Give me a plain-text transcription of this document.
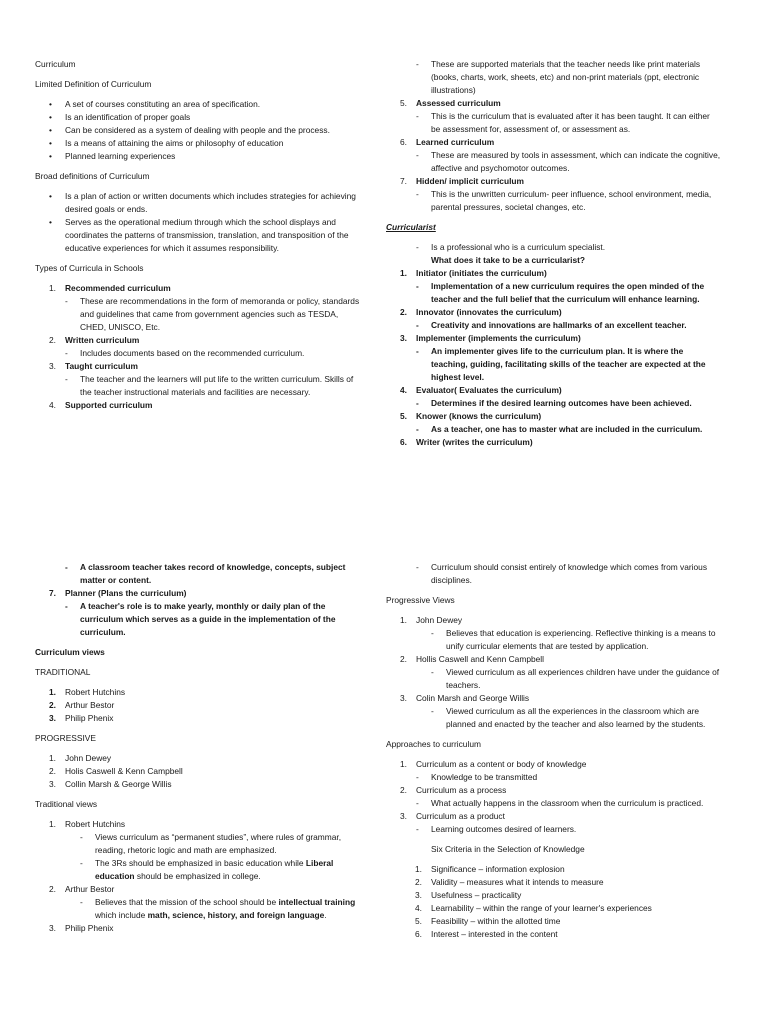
Curriculum

Limited Definition of Curriculum

• A set of courses constituting an area of specification.
• Is an identification of proper goals
• Can be considered as a system of dealing with people and the process.
• Is a means of attaining the aims or philosophy of education
• Planned learning experiences

Broad definitions of Curriculum

• Is a plan of action or written documents which includes strategies for achieving desired goals or ends.
• Serves as the operational medium through which the school displays and coordinates the patterns of transmission, translation, and transposition of the educative experiences for which it assumes responsibility.

Types of Curricula in Schools

1. Recommended curriculum
- These are recommendations in the form of memoranda or policy, standards and guidelines that came from government agencies such as TESDA, CHED, UNISCO, Etc.
2. Written curriculum
- Includes documents based on the recommended curriculum.
3. Taught curriculum
- The teacher and the learners will put life to the written curriculum. Skills of the teacher instructional materials and facilities are necessary.
4. Supported curriculum
- These are supported materials that the teacher needs like print materials (books, charts, work, sheets, etc) and non-print materials (ppt, electronic illustrations)
5. Assessed curriculum
- This is the curriculum that is evaluated after it has been taught. It can either be assessment for, assessment of, or assessment as.
6. Learned curriculum
- These are measured by tools in assessment, which can indicate the cognitive, affective and psychomotor outcomes.
7. Hidden/ implicit curriculum
- This is the unwritten curriculum- peer influence, school environment, media, parental pressures, societal changes, etc.

Curricularist

- Is a professional who is a curriculum specialist.
What does it take to be a curricularist?
1. Initiator (initiates the curriculum)
- Implementation of a new curriculum requires the open minded of the teacher and the full belief that the curriculum will enhance learning.
2. Innovator (innovates the curriculum)
- Creativity and innovations are hallmarks of an excellent teacher.
3. Implementer (implements the curriculum)
- An implementer gives life to the curriculum plan. It is where the teaching, guiding, facilitating skills of the teacher are expected at the highest level.
4. Evaluator( Evaluates the curriculum)
- Determines if the desired learning outcomes have been achieved.
5. Knower (knows the curriculum)
- As a teacher, one has to master what are included in the curriculum.
6. Writer (writes the curriculum)
- A classroom teacher takes record of knowledge, concepts, subject matter or content.
7. Planner (Plans the curriculum)
- A teacher's role is to make yearly, monthly or daily plan of the curriculum which serves as a guide in the implementation of the curriculum.

Curriculum views

TRADITIONAL

1. Robert Hutchins
2. Arthur Bestor
3. Philip Phenix

PROGRESSIVE

1. John Dewey
2. Holis Caswell & Kenn Campbell
3. Collin Marsh & George Willis

Traditional views

1. Robert Hutchins
- Views curriculum as “permanent studies”, where rules of grammar, reading, rhetoric logic and math are emphasized.
- The 3Rs should be emphasized in basic education while Liberal education should be emphasized in college.
2. Arthur Bestor
- Believes that the mission of the school should be intellectual training which include math, science, history, and foreign language.
3. Philip Phenix
- Curriculum should consist entirely of knowledge which comes from various disciplines.

Progressive Views

1. John Dewey
- Believes that education is experiencing. Reflective thinking is a means to unify curricular elements that are tested by application.
2. Hollis Caswell and Kenn Campbell
- Viewed curriculum as all experiences children have under the guidance of teachers.
3. Colin Marsh and George Willis
- Viewed curriculum as all the experiences in the classroom which are planned and enacted by the teacher and also learned by the students.

Approaches to curriculum

1. Curriculum as a content or body of knowledge
- Knowledge to be transmitted
2. Curriculum as a process
- What actually happens in the classroom when the curriculum is practiced.
3. Curriculum as a product
- Learning outcomes desired of learners.

Six Criteria in the Selection of Knowledge

1. Significance – information explosion
2. Validity – measures what it intends to measure
3. Usefulness – practicality
4. Learnability – within the range of your learner's experiences
5. Feasibility – within the allotted time
6. Interest – interested in the content
